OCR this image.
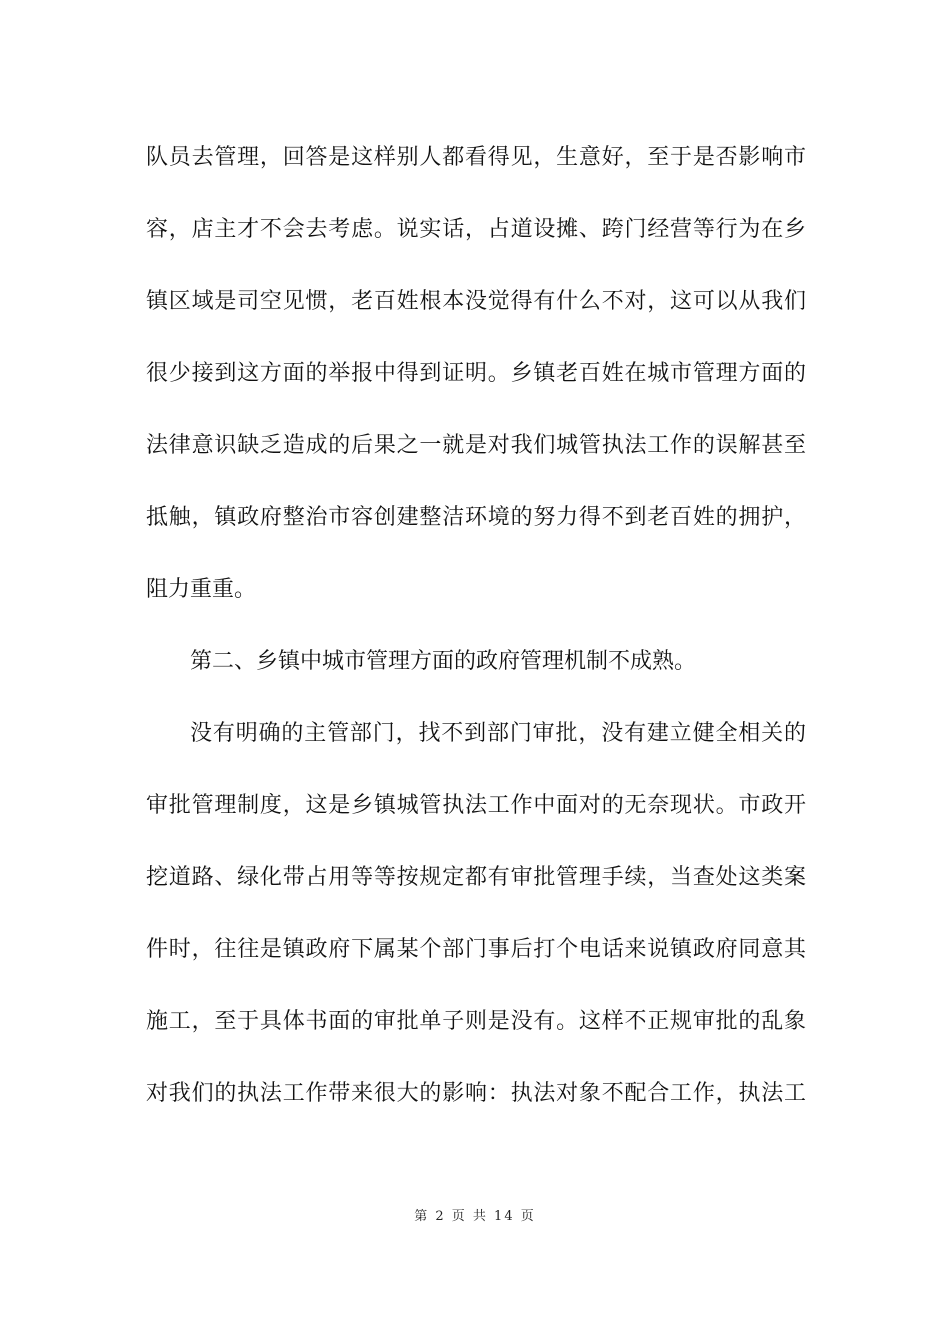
队员去管理，回答是这样别人都看得见，生意好，至于是否影响市
容，店主才不会去考虑。说实话，占道设摊、跨门经营等行为在乡
镇区域是司空见惯，老百姓根本没觉得有什么不对，这可以从我们
很少接到这方面的举报中得到证明。乡镇老百姓在城市管理方面的
法律意识缺乏造成的后果之一就是对我们城管执法工作的误解甚至
抵触，镇政府整治市容创建整洁环境的努力得不到老百姓的拥护，
阻力重重。
第二、乡镇中城市管理方面的政府管理机制不成熟。
没有明确的主管部门，找不到部门审批，没有建立健全相关的
审批管理制度，这是乡镇城管执法工作中面对的无奈现状。市政开
挖道路、绿化带占用等等按规定都有审批管理手续，当查处这类案
件时，往往是镇政府下属某个部门事后打个电话来说镇政府同意其
施工，至于具体书面的审批单子则是没有。这样不正规审批的乱象
对我们的执法工作带来很大的影响：执法对象不配合工作，执法工
第 2 页 共 14 页
